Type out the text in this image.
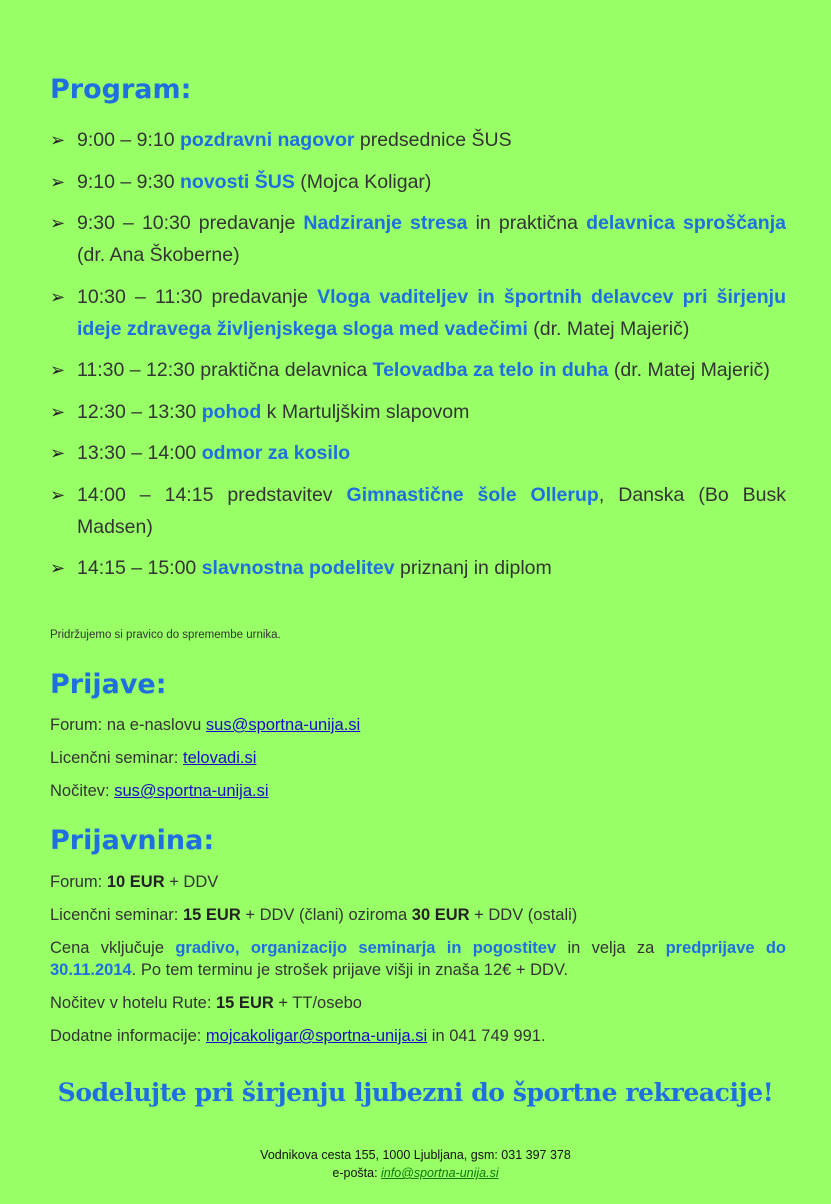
Program:
➢ 9:00 – 9:10 pozdravni nagovor predsednice ŠUS
➢ 9:10 – 9:30 novosti ŠUS (Mojca Koligar)
➢ 9:30 – 10:30 predavanje Nadziranje stresa in praktična delavnica sproščanja (dr. Ana Škoberne)
➢ 10:30 – 11:30 predavanje Vloga vaditeljev in športnih delavcev pri širjenju ideje zdravega življenjskega sloga med vadečimi (dr. Matej Majerič)
➢ 11:30 – 12:30 praktična delavnica Telovadba za telo in duha (dr. Matej Majerič)
➢ 12:30 – 13:30 pohod k Martuljškim slapovom
➢ 13:30 – 14:00 odmor za kosilo
➢ 14:00 – 14:15 predstavitev Gimnastične šole Ollerup, Danska (Bo Busk Madsen)
➢ 14:15 – 15:00 slavnostna podelitev priznanj in diplom
Pridržujemo si pravico do spremembe urnika.
Prijave:

Forum: na e-naslovu sus@sportna-unija.si

Licenčni seminar: telovadi.si

Nočitev: sus@sportna-unija.si

Prijavnina:

Forum: 10 EUR + DDV

Licenčni seminar: 15 EUR + DDV (člani) oziroma 30 EUR + DDV (ostali)

Cena vključuje gradivo, organizacijo seminarja in pogostitev in velja za predprijave do 30.11.2014. Po tem terminu je strošek prijave višji in znaša 12€ + DDV.

Nočitev v hotelu Rute: 15 EUR + TT/osebo

Dodatne informacije: mojcakoligar@sportna-unija.si in 041 749 991.

Sodelujte pri širjenju ljubezni do športne rekreacije!
Vodnikova cesta 155, 1000 Ljubljana, gsm: 031 397 378
e-pošta: info@sportna-unija.si
